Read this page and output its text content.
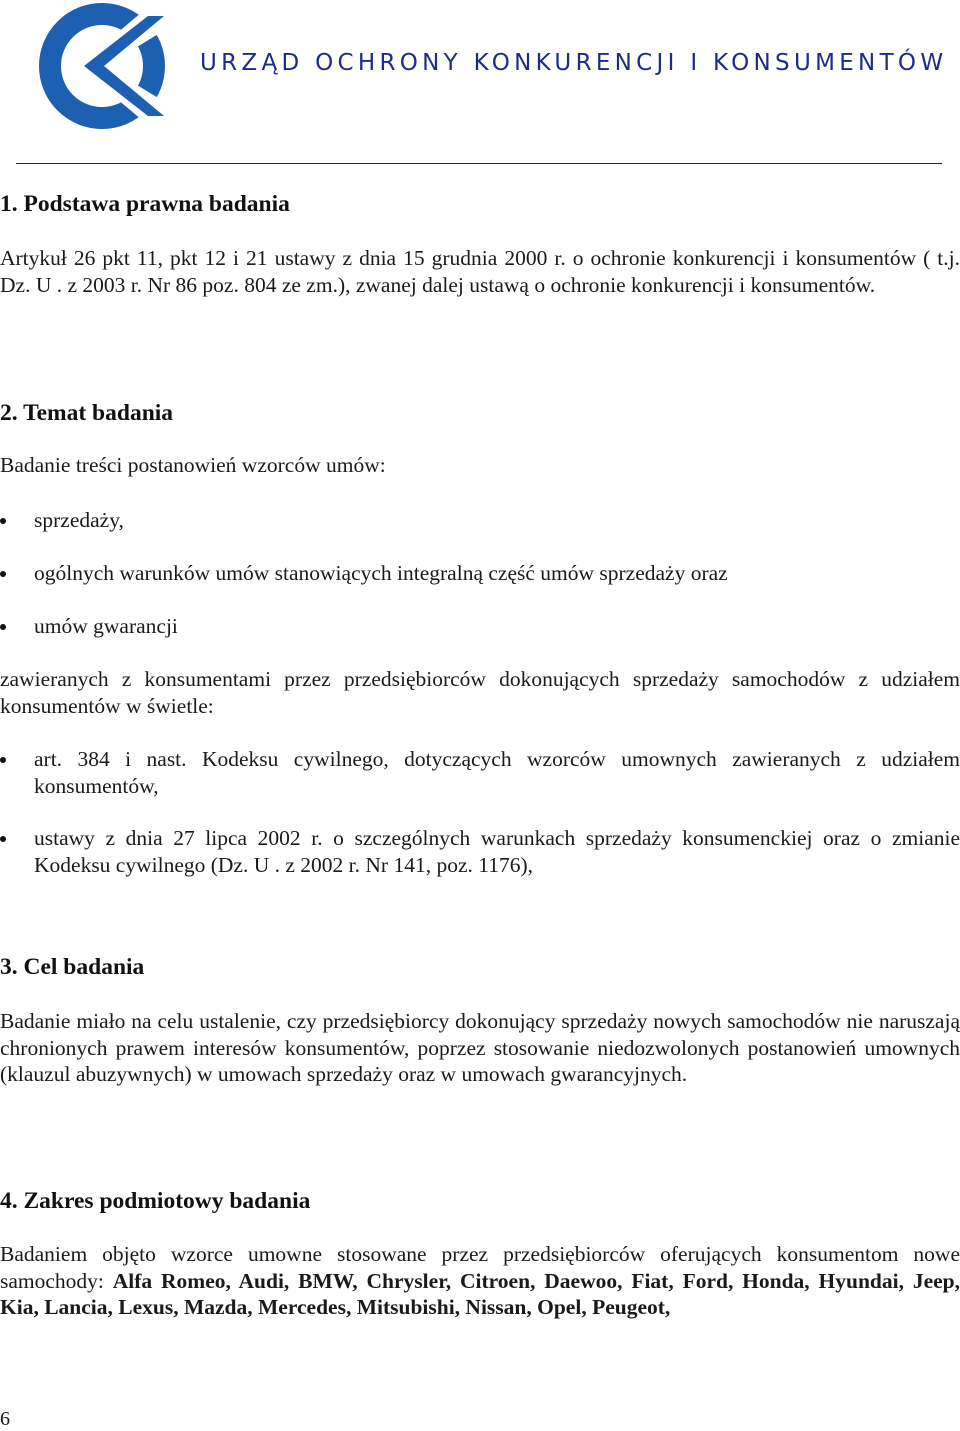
URZĄD OCHRONY KONKURENCJI I KONSUMENTÓW
1. Podstawa prawna badania
Artykuł 26 pkt 11, pkt 12 i 21 ustawy z dnia 15 grudnia 2000 r. o ochronie konkurencji i konsumentów ( t.j. Dz. U . z 2003 r. Nr 86 poz. 804 ze zm.), zwanej dalej ustawą o ochronie konkurencji i konsumentów.
2. Temat badania
Badanie treści postanowień wzorców umów:
sprzedaży,
ogólnych warunków umów stanowiących integralną część umów sprzedaży oraz
umów gwarancji
zawieranych z konsumentami przez przedsiębiorców dokonujących sprzedaży samochodów z udziałem konsumentów w świetle:
art. 384 i nast. Kodeksu cywilnego, dotyczących wzorców umownych zawieranych z udziałem konsumentów,
ustawy z dnia 27 lipca 2002 r. o szczególnych warunkach sprzedaży konsumenckiej oraz o zmianie Kodeksu cywilnego (Dz. U . z 2002 r. Nr 141, poz. 1176),
3. Cel badania
Badanie miało na celu ustalenie, czy przedsiębiorcy dokonujący sprzedaży nowych samochodów nie naruszają chronionych prawem interesów konsumentów, poprzez stosowanie niedozwolonych postanowień umownych (klauzul abuzywnych) w umowach sprzedaży oraz w umowach gwarancyjnych.
4. Zakres podmiotowy badania
Badaniem objęto wzorce umowne stosowane przez przedsiębiorców oferujących konsumentom nowe samochody: Alfa Romeo, Audi, BMW, Chrysler, Citroen, Daewoo, Fiat, Ford, Honda, Hyundai, Jeep, Kia, Lancia, Lexus, Mazda, Mercedes, Mitsubishi, Nissan, Opel, Peugeot,
6
